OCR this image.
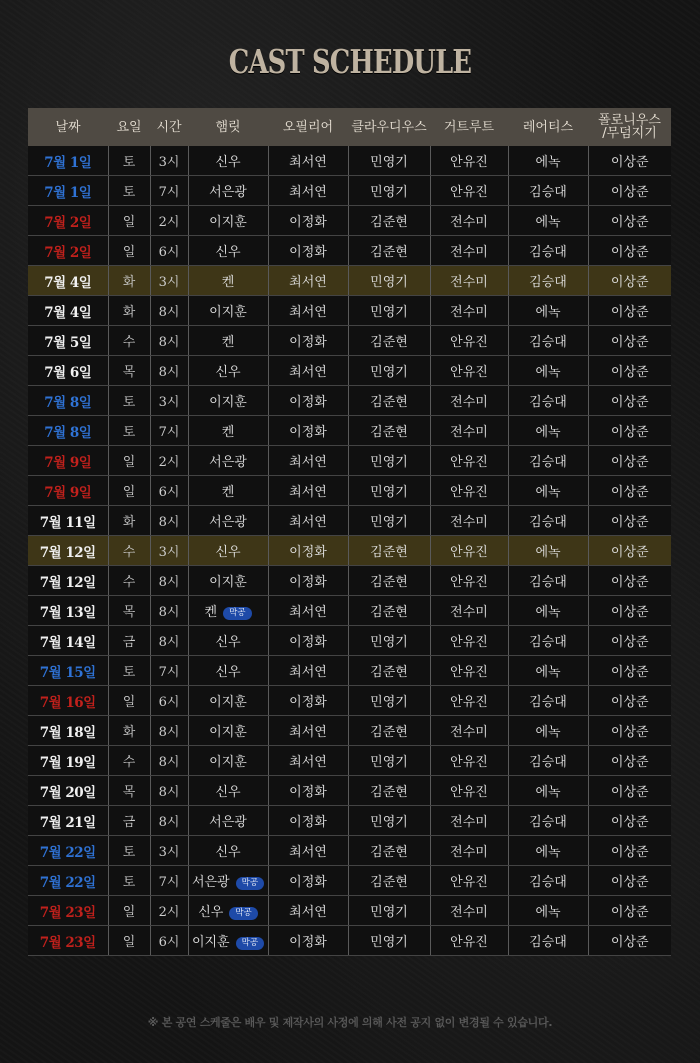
CAST SCHEDULE
날짜	요일	시간	햄릿	오필리어	클라우디우스	거트루트	레어티스	폴로니우스
/무덤지기
7월 1일	토	3시	신우	최서연	민영기	안유진	에녹	이상준
7월 1일	토	7시	서은광	최서연	민영기	안유진	김승대	이상준
7월 2일	일	2시	이지훈	이정화	김준현	전수미	에녹	이상준
7월 2일	일	6시	신우	이정화	김준현	전수미	김승대	이상준
7월 4일	화	3시	켄	최서연	민영기	전수미	김승대	이상준
7월 4일	화	8시	이지훈	최서연	민영기	전수미	에녹	이상준
7월 5일	수	8시	켄	이정화	김준현	안유진	김승대	이상준
7월 6일	목	8시	신우	최서연	민영기	안유진	에녹	이상준
7월 8일	토	3시	이지훈	이정화	김준현	전수미	김승대	이상준
7월 8일	토	7시	켄	이정화	김준현	전수미	에녹	이상준
7월 9일	일	2시	서은광	최서연	민영기	안유진	김승대	이상준
7월 9일	일	6시	켄	최서연	민영기	안유진	에녹	이상준
7월 11일	화	8시	서은광	최서연	민영기	전수미	김승대	이상준
7월 12일	수	3시	신우	이정화	김준현	안유진	에녹	이상준
7월 12일	수	8시	이지훈	이정화	김준현	안유진	김승대	이상준
7월 13일	목	8시	켄 막공	최서연	김준현	전수미	에녹	이상준
7월 14일	금	8시	신우	이정화	민영기	안유진	김승대	이상준
7월 15일	토	7시	신우	최서연	김준현	안유진	에녹	이상준
7월 16일	일	6시	이지훈	이정화	민영기	안유진	김승대	이상준
7월 18일	화	8시	이지훈	최서연	김준현	전수미	에녹	이상준
7월 19일	수	8시	이지훈	최서연	민영기	안유진	김승대	이상준
7월 20일	목	8시	신우	이정화	김준현	안유진	에녹	이상준
7월 21일	금	8시	서은광	이정화	민영기	전수미	김승대	이상준
7월 22일	토	3시	신우	최서연	김준현	전수미	에녹	이상준
7월 22일	토	7시	서은광 막공	이정화	김준현	안유진	김승대	이상준
7월 23일	일	2시	신우 막공	최서연	민영기	전수미	에녹	이상준
7월 23일	일	6시	이지훈 막공	이정화	민영기	안유진	김승대	이상준
※ 본 공연 스케줄은 배우 및 제작사의 사정에 의해 사전 공지 없이 변경될 수 있습니다.
